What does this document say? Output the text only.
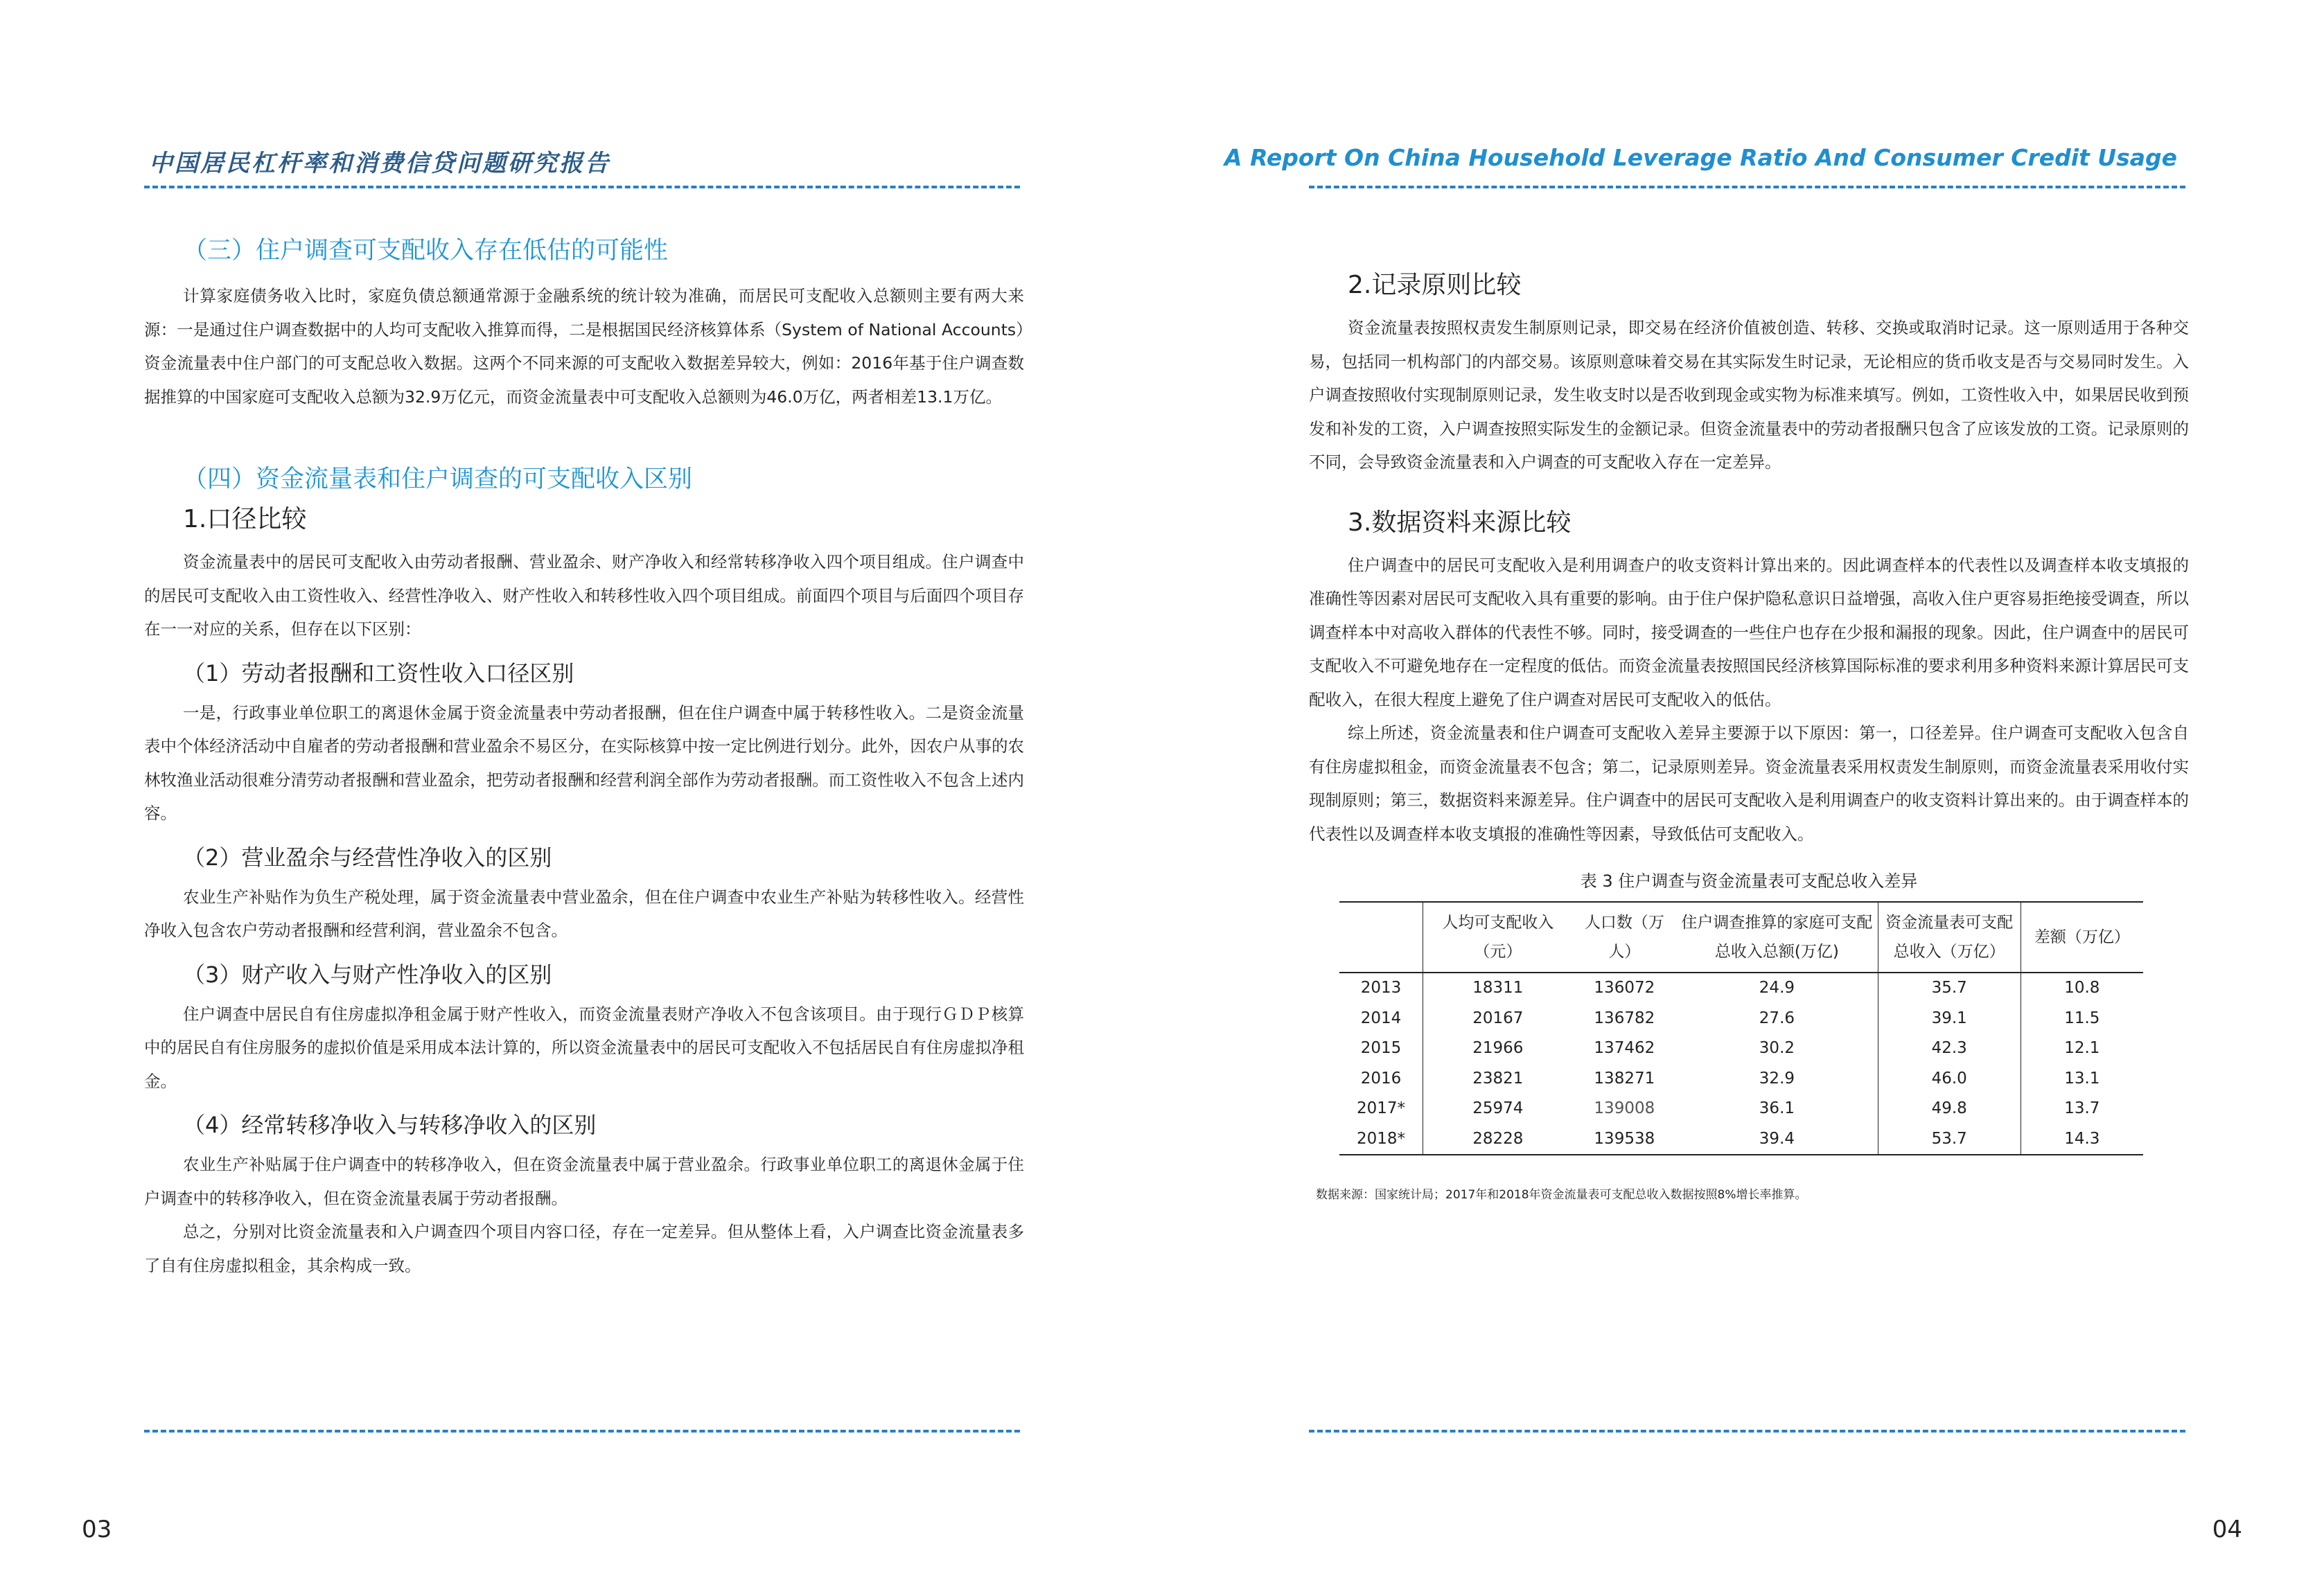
中国居民杠杆率和消费信贷问题研究报告
（三）住户调查可支配收入存在低估的可能性

计算家庭债务收入比时，家庭负债总额通常源于金融系统的统计较为准确，而居民可支配收入总额则主要有两大来源：一是通过住户调查数据中的人均可支配收入推算而得，二是根据国民经济核算体系（System of National Accounts）资金流量表中住户部门的可支配总收入数据。这两个不同来源的可支配收入数据差异较大，例如：2016年基于住户调查数据推算的中国家庭可支配收入总额为32.9万亿元，而资金流量表中可支配收入总额则为46.0万亿，两者相差13.1万亿。

（四）资金流量表和住户调查的可支配收入区别
1.口径比较

资金流量表中的居民可支配收入由劳动者报酬、营业盈余、财产净收入和经常转移净收入四个项目组成。住户调查中的居民可支配收入由工资性收入、经营性净收入、财产性收入和转移性收入四个项目组成。前面四个项目与后面四个项目存在一一对应的关系，但存在以下区别：

（1）劳动者报酬和工资性收入口径区别

一是，行政事业单位职工的离退休金属于资金流量表中劳动者报酬，但在住户调查中属于转移性收入。二是资金流量表中个体经济活动中自雇者的劳动者报酬和营业盈余不易区分，在实际核算中按一定比例进行划分。此外，因农户从事的农林牧渔业活动很难分清劳动者报酬和营业盈余，把劳动者报酬和经营利润全部作为劳动者报酬。而工资性收入不包含上述内容。

（2）营业盈余与经营性净收入的区别

农业生产补贴作为负生产税处理，属于资金流量表中营业盈余，但在住户调查中农业生产补贴为转移性收入。经营性净收入包含农户劳动者报酬和经营利润，营业盈余不包含。

（3）财产收入与财产性净收入的区别

住户调查中居民自有住房虚拟净租金属于财产性收入，而资金流量表财产净收入不包含该项目。由于现行ＧＤＰ核算中的居民自有住房服务的虚拟价值是采用成本法计算的，所以资金流量表中的居民可支配收入不包括居民自有住房虚拟净租金。

（4）经常转移净收入与转移净收入的区别

农业生产补贴属于住户调查中的转移净收入，但在资金流量表中属于营业盈余。行政事业单位职工的离退休金属于住户调查中的转移净收入，但在资金流量表属于劳动者报酬。

总之，分别对比资金流量表和入户调查四个项目内容口径，存在一定差异。但从整体上看，入户调查比资金流量表多了自有住房虚拟租金，其余构成一致。

03
A Report On China Household Leverage Ratio And Consumer Credit Usage
2.记录原则比较

资金流量表按照权责发生制原则记录，即交易在经济价值被创造、转移、交换或取消时记录。这一原则适用于各种交易，包括同一机构部门的内部交易。该原则意味着交易在其实际发生时记录，无论相应的货币收支是否与交易同时发生。入户调查按照收付实现制原则记录，发生收支时以是否收到现金或实物为标准来填写。例如，工资性收入中，如果居民收到预发和补发的工资，入户调查按照实际发生的金额记录。但资金流量表中的劳动者报酬只包含了应该发放的工资。记录原则的不同，会导致资金流量表和入户调查的可支配收入存在一定差异。

3.数据资料来源比较

住户调查中的居民可支配收入是利用调查户的收支资料计算出来的。因此调查样本的代表性以及调查样本收支填报的准确性等因素对居民可支配收入具有重要的影响。由于住户保护隐私意识日益增强，高收入住户更容易拒绝接受调查，所以调查样本中对高收入群体的代表性不够。同时，接受调查的一些住户也存在少报和漏报的现象。因此，住户调查中的居民可支配收入不可避免地存在一定程度的低估。而资金流量表按照国民经济核算国际标准的要求利用多种资料来源计算居民可支配收入，在很大程度上避免了住户调查对居民可支配收入的低估。

综上所述，资金流量表和住户调查可支配收入差异主要源于以下原因：第一，口径差异。住户调查可支配收入包含自有住房虚拟租金，而资金流量表不包含；第二，记录原则差异。资金流量表采用权责发生制原则，而资金流量表采用收付实现制原则；第三，数据资料来源差异。住户调查中的居民可支配收入是利用调查户的收支资料计算出来的。由于调查样本的代表性以及调查样本收支填报的准确性等因素，导致低估可支配收入。

表 3 住户调查与资金流量表可支配总收入差异
	人均可支配收入（元）	人口数（万人）	住户调查推算的家庭可支配总收入总额(万亿)	资金流量表可支配总收入（万亿）	差额（万亿）
2013	18311	136072	24.9	35.7	10.8
2014	20167	136782	27.6	39.1	11.5
2015	21966	137462	30.2	42.3	12.1
2016	23821	138271	32.9	46.0	13.1
2017*	25974	139008	36.1	49.8	13.7
2018*	28228	139538	39.4	53.7	14.3
数据来源：国家统计局；2017年和2018年资金流量表可支配总收入数据按照8%增长率推算。
04
